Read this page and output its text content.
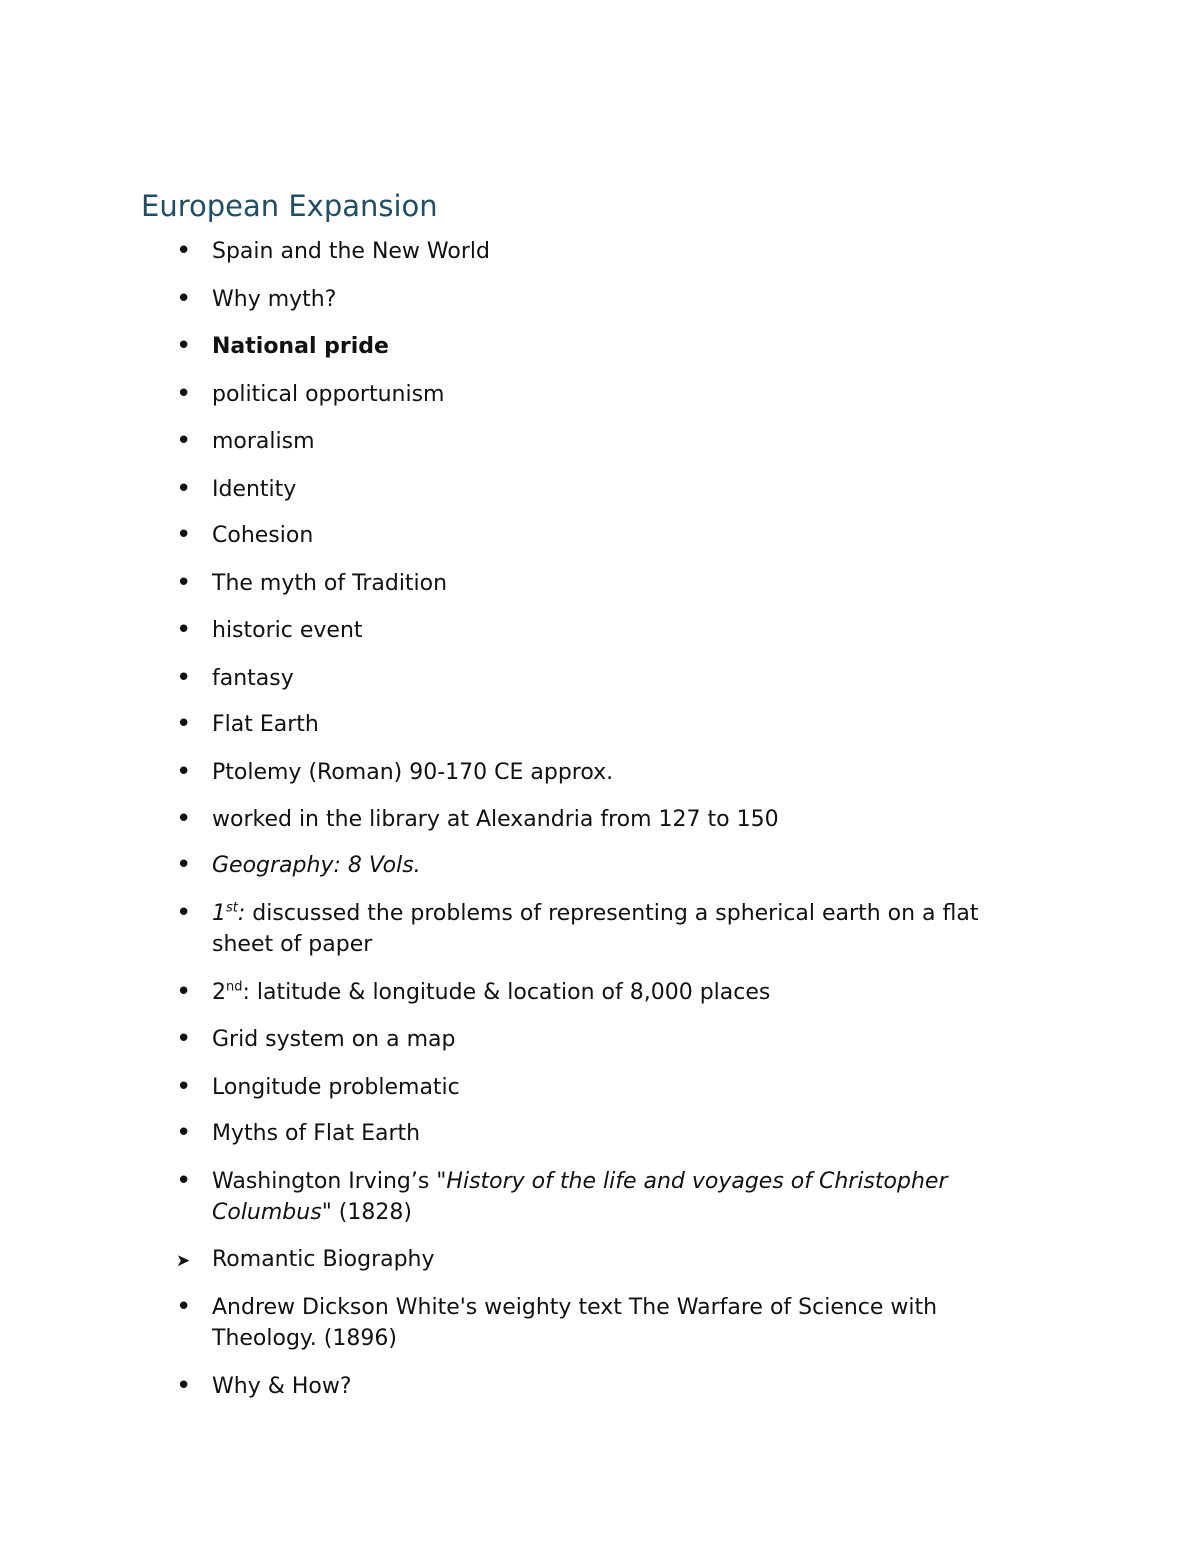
European Expansion
•
Spain and the New World
•
Why myth?
•
National pride
•
political opportunism
•
moralism
•
Identity
•
Cohesion
•
The myth of Tradition
•
historic event
•
fantasy
•
Flat Earth
•
Ptolemy (Roman) 90-170 CE approx.
•
worked in the library at Alexandria from 127 to 150
•
Geography: 8 Vols.
•
1st: discussed the problems of representing a spherical earth on a flat sheet of paper
•
2nd: latitude & longitude & location of 8,000 places
•
Grid system on a map
•
Longitude problematic
•
Myths of Flat Earth
•
Washington Irving’s "History of the life and voyages of Christopher Columbus" (1828)
➤
Romantic Biography
•
Andrew Dickson White's weighty text The Warfare of Science with Theology. (1896)
•
Why & How?
